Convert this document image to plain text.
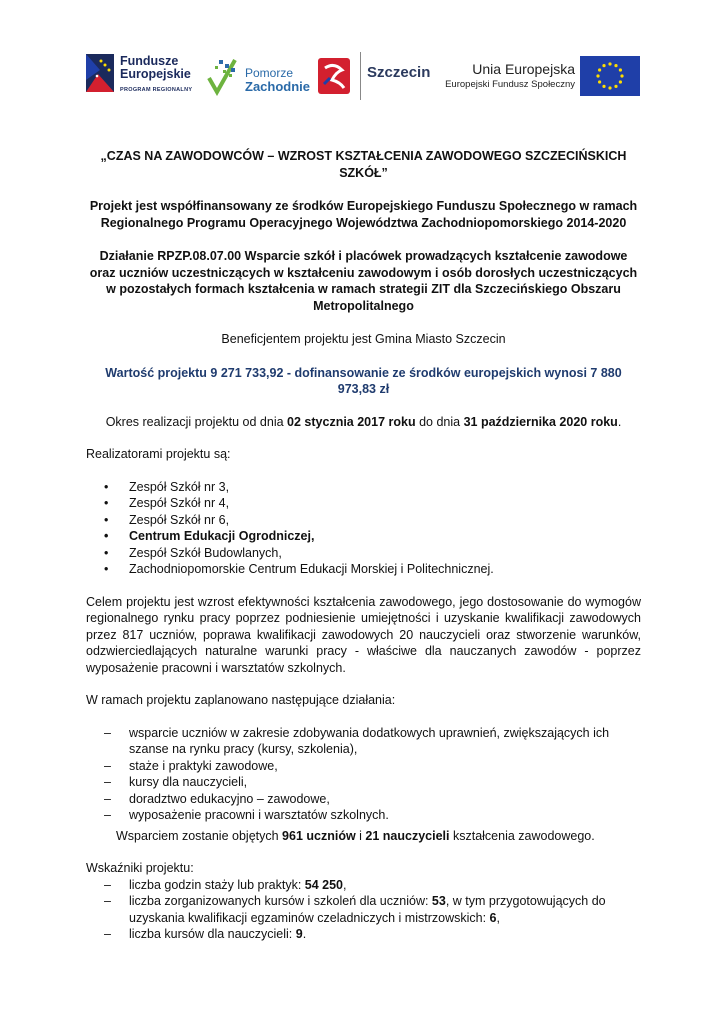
Fundusze
Europejskie
PROGRAM REGIONALNY
Pomorze
Zachodnie
Szczecin	Unia Europejska
Europejski Fundusz Społeczny

„CZAS NA ZAWODOWCÓW – WZROST KSZTAŁCENIA ZAWODOWEGO SZCZECIŃSKICH SZKÓŁ”

Projekt jest współfinansowany ze środków Europejskiego Funduszu Społecznego w ramach Regionalnego Programu Operacyjnego Województwa Zachodniopomorskiego 2014-2020

Działanie RPZP.08.07.00 Wsparcie szkół i placówek prowadzących kształcenie zawodowe oraz uczniów uczestniczących w kształceniu zawodowym i osób dorosłych uczestniczących w pozostałych formach kształcenia w ramach strategii ZIT dla Szczecińskiego Obszaru Metropolitalnego

Beneficjentem projektu jest Gmina Miasto Szczecin

Wartość projektu 9 271 733,92 - dofinansowanie ze środków europejskich wynosi 7 880 973,83 zł

Okres realizacji projektu od dnia 02 stycznia 2017 roku do dnia 31 października 2020 roku.

Realizatorami projektu są:

• Zespół Szkół nr 3,
• Zespół Szkół nr 4,
• Zespół Szkół nr 6,
• Centrum Edukacji Ogrodniczej,
• Zespół Szkół Budowlanych,
• Zachodniopomorskie Centrum Edukacji Morskiej i Politechnicznej.

Celem projektu jest wzrost efektywności kształcenia zawodowego, jego dostosowanie do wymogów regionalnego rynku pracy poprzez podniesienie umiejętności i uzyskanie kwalifikacji zawodowych przez 817 uczniów, poprawa kwalifikacji zawodowych 20 nauczycieli oraz stworzenie warunków, odzwierciedlających naturalne warunki pracy - właściwe dla nauczanych zawodów - poprzez wyposażenie pracowni i warsztatów szkolnych.

W ramach projektu zaplanowano następujące działania:

– wsparcie uczniów w zakresie zdobywania dodatkowych uprawnień, zwiększających ich szanse na rynku pracy (kursy, szkolenia),
– staże i praktyki zawodowe,
– kursy dla nauczycieli,
– doradztwo edukacyjno – zawodowe,
– wyposażenie pracowni i warsztatów szkolnych.

Wsparciem zostanie objętych 961 uczniów i 21 nauczycieli kształcenia zawodowego.

Wskaźniki projektu:

– liczba godzin staży lub praktyk: 54 250,
– liczba zorganizowanych kursów i szkoleń dla uczniów: 53, w tym przygotowujących do uzyskania kwalifikacji egzaminów czeladniczych i mistrzowskich: 6,
– liczba kursów dla nauczycieli: 9.
